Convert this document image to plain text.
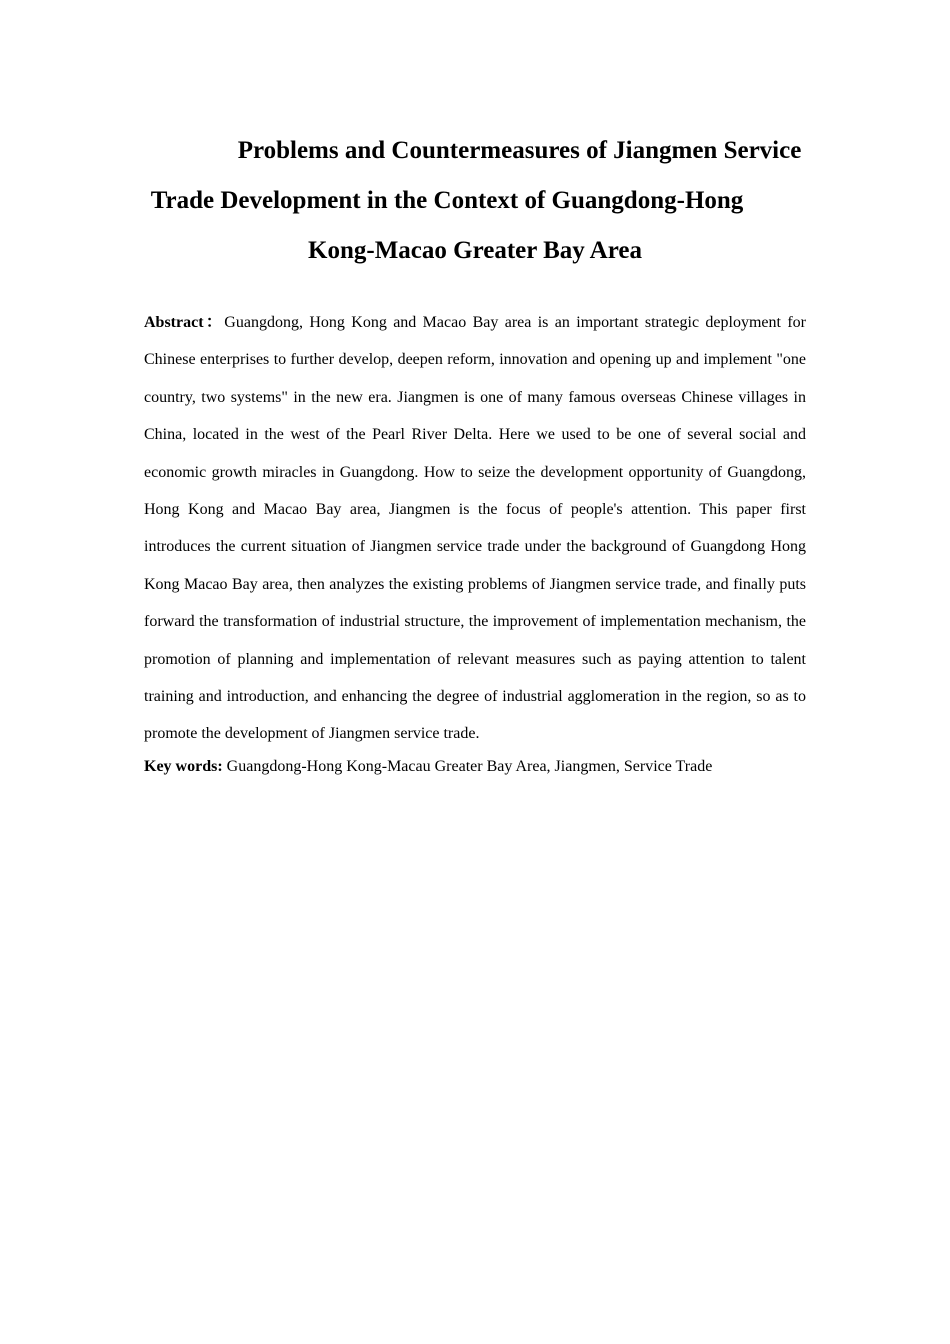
Problems and Countermeasures of Jiangmen Service
Trade Development in the Context of Guangdong-Hong
Kong-Macao Greater Bay Area

Abstract：Guangdong, Hong Kong and Macao Bay area is an important strategic deployment for Chinese enterprises to further develop, deepen reform, innovation and opening up and implement "one country, two systems" in the new era. Jiangmen is one of many famous overseas Chinese villages in China, located in the west of the Pearl River Delta. Here we used to be one of several social and economic growth miracles in Guangdong. How to seize the development opportunity of Guangdong, Hong Kong and Macao Bay area, Jiangmen is the focus of people's attention. This paper first introduces the current situation of Jiangmen service trade under the background of Guangdong Hong Kong Macao Bay area, then analyzes the existing problems of Jiangmen service trade, and finally puts forward the transformation of industrial structure, the improvement of implementation mechanism, the promotion of planning and implementation of relevant measures such as paying attention to talent training and introduction, and enhancing the degree of industrial agglomeration in the region, so as to promote the development of Jiangmen service trade.

Key words: Guangdong-Hong Kong-Macau Greater Bay Area, Jiangmen, Service Trade
